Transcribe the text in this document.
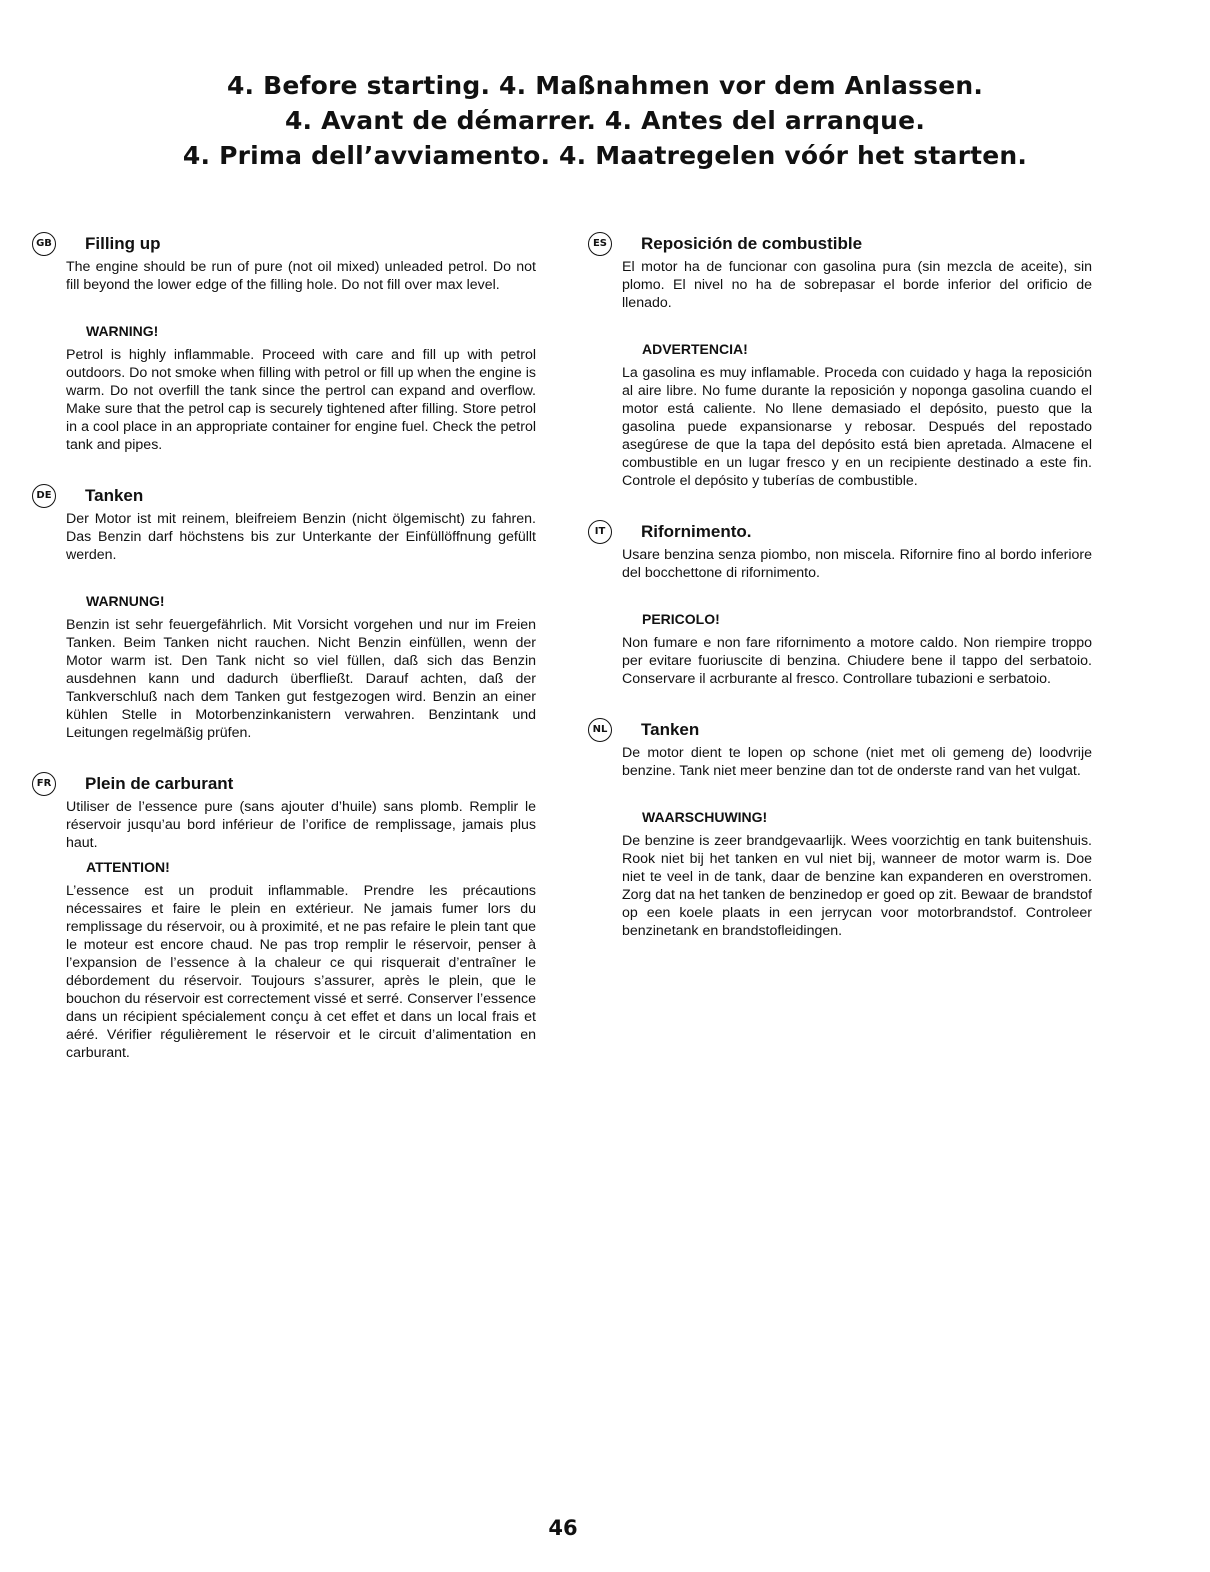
4. Before starting. 4. Maßnahmen vor dem Anlassen.

4. Avant de démarrer. 4. Antes del arranque.

4. Prima dell’avviamento. 4. Maatregelen vóór het starten.

GB Filling up

The engine should be run of pure (not oil mixed) unleaded petrol. Do not fill beyond the lower edge of the filling hole. Do not fill over max level.

WARNING!

Petrol is highly inflammable. Proceed with care and fill up with petrol outdoors. Do not smoke when filling with petrol or fill up when the engine is warm. Do not overfill the tank since the pertrol can expand and overflow. Make sure that the petrol cap is securely tightened after filling. Store petrol in a cool place in an appropriate container for engine fuel. Check the petrol tank and pipes.

DE Tanken

Der Motor ist mit reinem, bleifreiem Benzin (nicht ölgemischt) zu fahren. Das Benzin darf höchstens bis zur Unterkante der Einfüllöffnung gefüllt werden.

WARNUNG!

Benzin ist sehr feuergefährlich. Mit Vorsicht vorgehen und nur im Freien Tanken. Beim Tanken nicht rauchen. Nicht Benzin einfüllen, wenn der Motor warm ist. Den Tank nicht so viel füllen, daß sich das Benzin ausdehnen kann und dadurch überfließt. Darauf achten, daß der Tankverschluß nach dem Tanken gut festgezogen wird. Benzin an einer kühlen Stelle in Motorbenzinkanistern verwahren. Benzintank und Leitungen regelmäßig prüfen.

FR Plein de carburant

Utiliser de l’essence pure (sans ajouter d’huile) sans plomb. Remplir le réservoir jusqu’au bord inférieur de l’orifice de remplissage, jamais plus haut.

ATTENTION!

L’essence est un produit inflammable. Prendre les précautions nécessaires et faire le plein en extérieur. Ne jamais fumer lors du remplissage du réservoir, ou à proximité, et ne pas refaire le plein tant que le moteur est encore chaud. Ne pas trop remplir le réservoir, penser à l’expansion de l’essence à la chaleur ce qui risquerait d’entraîner le débordement du réservoir. Toujours s’assurer, après le plein, que le bouchon du réservoir est correctement vissé et serré. Conserver l’essence dans un récipient spécialement conçu à cet effet et dans un local frais et aéré. Vérifier régulièrement le réservoir et le circuit d’alimentation en carburant.

ES Reposición de combustible

El motor ha de funcionar con gasolina pura (sin mezcla de aceite), sin plomo. El nivel no ha de sobrepasar el borde inferior del orificio de llenado.

ADVERTENCIA!

La gasolina es muy inflamable. Proceda con cuidado y haga la reposición al aire libre. No fume durante la reposición y noponga gasolina cuando el motor está caliente. No llene demasiado el depósito, puesto que la gasolina puede expansionarse y rebosar. Después del repostado asegúrese de que la tapa del depósito está bien apretada. Almacene el combustible en un lugar fresco y en un recipiente destinado a este fin. Controle el depósito y tuberías de combustible.

IT	Rifornimento.

Usare benzina senza piombo, non miscela. Rifornire fino al bordo inferiore del bocchettone di rifornimento.

PERICOLO!

Non fumare e non fare rifornimento a motore caldo. Non riempire troppo per evitare fuoriuscite di benzina. Chiudere bene il tappo del serbatoio. Conservare il acrburante al fresco. Controllare tubazioni e serbatoio.

NL Tanken

De motor dient te lopen op schone (niet met oli gemeng de) loodvrije benzine. Tank niet meer benzine dan tot de onderste rand van het vulgat.

WAARSCHUWING!

De benzine is zeer brandgevaarlijk. Wees voorzichtig en tank buitenshuis. Rook niet bij het tanken en vul niet bij, wanneer de motor warm is. Doe niet te veel in de tank, daar de benzine kan expanderen en overstromen. Zorg dat na het tanken de benzinedop er goed op zit. Bewaar de brandstof op een koele plaats in een jerrycan voor motorbrandstof. Controleer benzinetank en brandstofleidingen.

46
